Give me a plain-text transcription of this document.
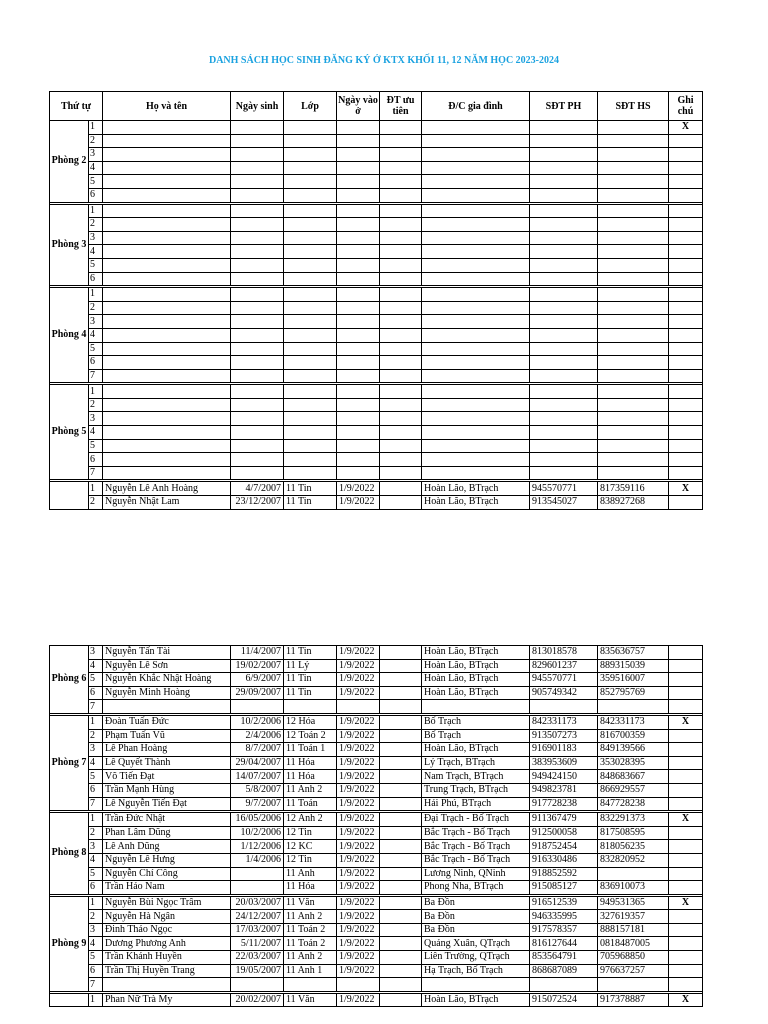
DANH SÁCH HỌC SINH ĐĂNG KÝ Ở KTX KHỐI 11, 12 NĂM HỌC 2023-2024
Thứ tự		Họ và tên	Ngày sinh	Lớp	Ngày vào ở	ĐT ưu tiên	Đ/C gia đình	SĐT PH	SĐT HS	Ghi chú
Phòng 2	1									X
	2									
	3									
	4									
	5									
	6									

Phòng 3	1									
	2									
	3									
	4									
	5									
	6									

Phòng 4	1									
	2									
	3									
	4									
	5									
	6									
	7									

Phòng 5	1									
	2									
	3									
	4									
	5									
	6									
	7									

	1	Nguyễn Lê Anh Hoàng	4/7/2007	11 Tin	1/9/2022		Hoàn Lão, BTrạch	945570771	817359116	X
	2	Nguyễn Nhật Lam	23/12/2007	11 Tin	1/9/2022		Hoàn Lão, BTrạch	913545027	838927268	
Phòng 6	3	Nguyễn Tấn Tài	11/4/2007	11 Tin	1/9/2022		Hoàn Lão, BTrạch	813018578	835636757	
	4	Nguyễn Lê Sơn	19/02/2007	11 Lý	1/9/2022		Hoàn Lão, BTrạch	829601237	889315039	
	5	Nguyễn Khắc Nhật Hoàng	6/9/2007	11 Tin	1/9/2022		Hoàn Lão, BTrạch	945570771	359516007	
	6	Nguyễn Minh Hoàng	29/09/2007	11 Tin	1/9/2022		Hoàn Lão, BTrạch	905749342	852795769	
	7									

Phòng 7	1	Đoàn Tuấn Đức	10/2/2006	12 Hóa	1/9/2022		Bố Trạch	842331173	842331173	X
	2	Phạm Tuấn Vũ	2/4/2006	12 Toán 2	1/9/2022		Bố Trạch	913507273	816700359	
	3	Lê Phan Hoàng	8/7/2007	11 Toán 1	1/9/2022		Hoàn Lão, BTrạch	916901183	849139566	
	4	Lê Quyết Thành	29/04/2007	11 Hóa	1/9/2022		Lý Trạch, BTrạch	383953609	353028395	
	5	Võ Tiến Đạt	14/07/2007	11 Hóa	1/9/2022		Nam Trạch, BTrạch	949424150	848683667	
	6	Trần Mạnh Hùng	5/8/2007	11 Anh 2	1/9/2022		Trung Trạch, BTrạch	949823781	866929557	
	7	Lê Nguyễn Tiến Đạt	9/7/2007	11 Toán	1/9/2022		Hải Phú, BTrạch	917728238	847728238	

Phòng 8	1	Trần Đức Nhật	16/05/2006	12 Anh 2	1/9/2022		Đại Trạch - Bố Trạch	911367479	832291373	X
	2	Phan Lâm Dũng	10/2/2006	12 Tin	1/9/2022		Bắc Trạch - Bố Trạch	912500058	817508595	
	3	Lê Anh Dũng	1/12/2006	12 KC	1/9/2022		Bắc Trạch - Bố Trạch	918752454	818056235	
	4	Nguyễn Lê Hưng	1/4/2006	12 Tin	1/9/2022		Bắc Trạch - Bố Trạch	916330486	832820952	
	5	Nguyễn Chí Công		11 Anh	1/9/2022		Lương Ninh, QNinh	918852592		
	6	Trần Hảo Nam		11 Hóa	1/9/2022		Phong Nha, BTrạch	915085127	836910073	

Phòng 9	1	Nguyễn Bùi Ngọc Trâm	20/03/2007	11 Văn	1/9/2022		Ba Đồn	916512539	949531365	X
	2	Nguyễn Hà Ngân	24/12/2007	11 Anh 2	1/9/2022		Ba Đồn	946335995	327619357	
	3	Đinh Thảo Ngọc	17/03/2007	11 Toán 2	1/9/2022		Ba Đồn	917578357	888157181	
	4	Dương Phương Anh	5/11/2007	11 Toán 2	1/9/2022		Quảng Xuân, QTrạch	816127644	0818487005	
	5	Trần Khánh Huyền	22/03/2007	11 Anh 2	1/9/2022		Liên Trường, QTrạch	853564791	705968850	
	6	Trần Thị Huyền Trang	19/05/2007	11 Anh 1	1/9/2022		Hạ Trạch, Bố Trạch	868687089	976637257	
	7									

	1	Phan Nữ Trà My	20/02/2007	11 Văn	1/9/2022		Hoàn Lão, BTrạch	915072524	917378887	X
